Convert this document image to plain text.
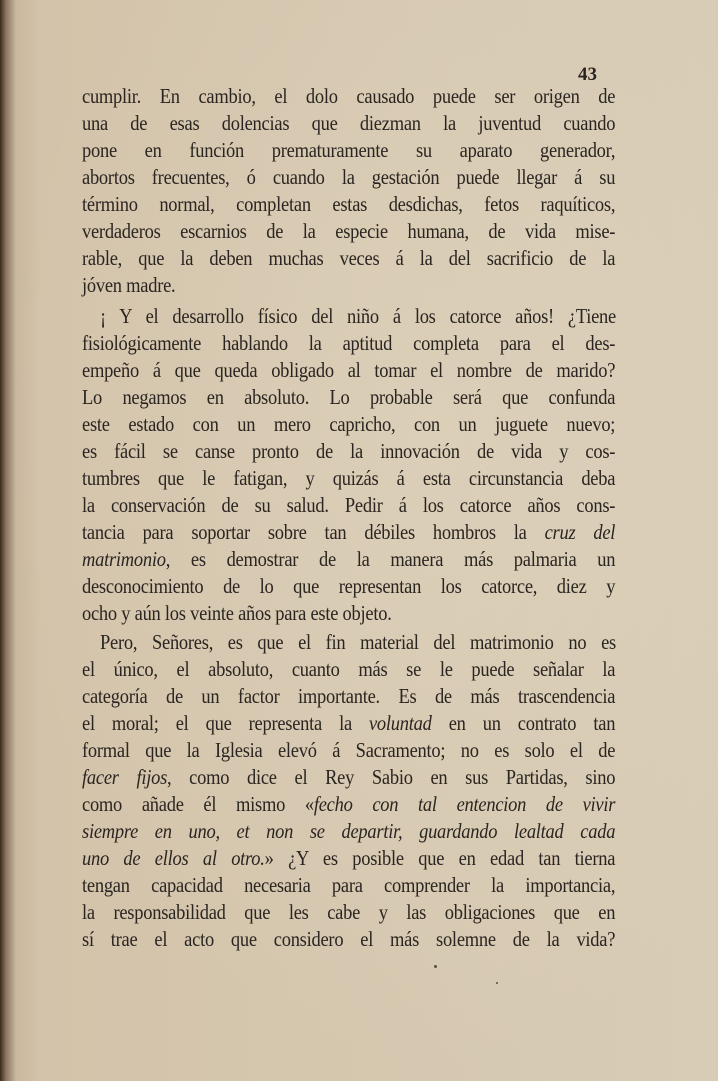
43
cumplir. En cambio, el dolo causado puede ser origen de
una de esas dolencias que diezman la juventud cuando
pone en función prematuramente su aparato generador,
abortos frecuentes, ó cuando la gestación puede llegar á su
término normal, completan estas desdichas, fetos raquíticos,
verdaderos escarnios de la especie humana, de vida mise-
rable, que la deben muchas veces á la del sacrificio de la
jóven madre.
¡ Y el desarrollo físico del niño á los catorce años! ¿Tiene
fisiológicamente hablando la aptitud completa para el des-
empeño á que queda obligado al tomar el nombre de marido?
Lo negamos en absoluto. Lo probable será que confunda
este estado con un mero capricho, con un juguete nuevo;
es fácil se canse pronto de la innovación de vida y cos-
tumbres que le fatigan, y quizás á esta circunstancia deba
la conservación de su salud. Pedir á los catorce años cons-
tancia para soportar sobre tan débiles hombros la cruz del
matrimonio, es demostrar de la manera más palmaria un
desconocimiento de lo que representan los catorce, diez y
ocho y aún los veinte años para este objeto.
Pero, Señores, es que el fin material del matrimonio no es
el único, el absoluto, cuanto más se le puede señalar la
categoría de un factor importante. Es de más trascendencia
el moral; el que representa la voluntad en un contrato tan
formal que la Iglesia elevó á Sacramento; no es solo el de
facer fijos, como dice el Rey Sabio en sus Partidas, sino
como añade él mismo «fecho con tal entencion de vivir
siempre en uno, et non se departir, guardando lealtad cada
uno de ellos al otro.» ¿Y es posible que en edad tan tierna
tengan capacidad necesaria para comprender la importancia,
la responsabilidad que les cabe y las obligaciones que en
sí trae el acto que considero el más solemne de la vida?
